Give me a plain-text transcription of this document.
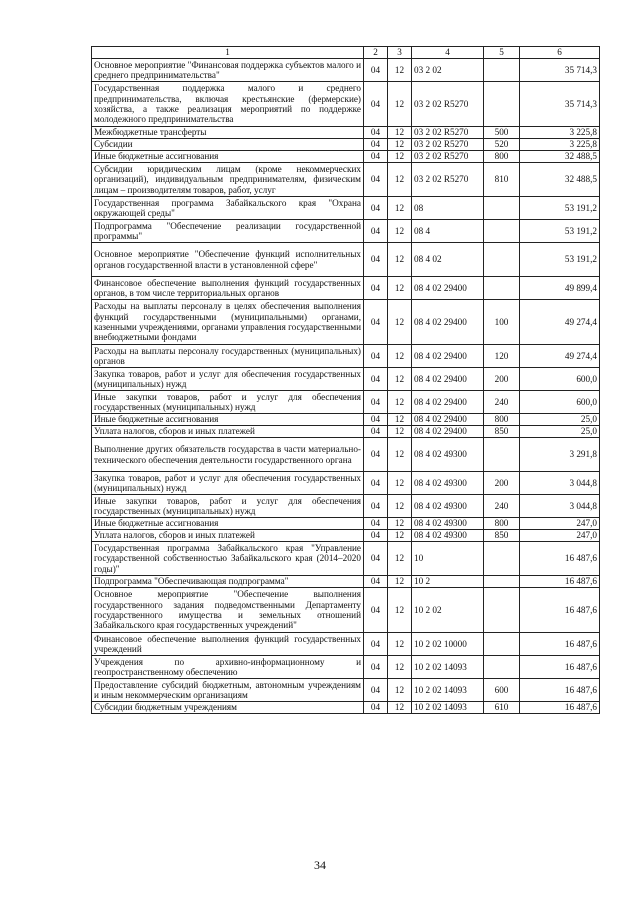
1	2	3	4	5	6
Основное мероприятие "Финансовая поддержка субъектов малого и среднего предпринимательства"	04	12	03 2 02		35 714,3
Государственная поддержка малого и среднего предпринимательства, включая крестьянские (фермерские) хозяйства, а также реализация мероприятий по поддержке молодежного предпринимательства	04	12	03 2 02 R5270		35 714,3
Межбюджетные трансферты	04	12	03 2 02 R5270	500	3 225,8
Субсидии	04	12	03 2 02 R5270	520	3 225,8
Иные бюджетные ассигнования	04	12	03 2 02 R5270	800	32 488,5
Субсидии юридическим лицам (кроме некоммерческих организаций), индивидуальным предпринимателям, физическим лицам – производителям товаров, работ, услуг	04	12	03 2 02 R5270	810	32 488,5
Государственная программа Забайкальского края "Охрана окружающей среды"	04	12	08		53 191,2
Подпрограмма "Обеспечение реализации государственной программы"	04	12	08 4		53 191,2
Основное мероприятие "Обеспечение функций исполнительных органов государственной власти в установленной сфере"	04	12	08 4 02		53 191,2
Финансовое обеспечение выполнения функций государственных органов, в том числе территориальных органов	04	12	08 4 02 29400		49 899,4
Расходы на выплаты персоналу в целях обеспечения выполнения функций государственными (муниципальными) органами, казенными учреждениями, органами управления государственными внебюджетными фондами	04	12	08 4 02 29400	100	49 274,4
Расходы на выплаты персоналу государственных (муниципальных) органов	04	12	08 4 02 29400	120	49 274,4
Закупка товаров, работ и услуг для обеспечения государственных (муниципальных) нужд	04	12	08 4 02 29400	200	600,0
Иные закупки товаров, работ и услуг для обеспечения государственных (муниципальных) нужд	04	12	08 4 02 29400	240	600,0
Иные бюджетные ассигнования	04	12	08 4 02 29400	800	25,0
Уплата налогов, сборов и иных платежей	04	12	08 4 02 29400	850	25,0
Выполнение других обязательств государства в части материально-технического обеспечения деятельности государственного органа	04	12	08 4 02 49300		3 291,8
Закупка товаров, работ и услуг для обеспечения государственных (муниципальных) нужд	04	12	08 4 02 49300	200	3 044,8
Иные закупки товаров, работ и услуг для обеспечения государственных (муниципальных) нужд	04	12	08 4 02 49300	240	3 044,8
Иные бюджетные ассигнования	04	12	08 4 02 49300	800	247,0
Уплата налогов, сборов и иных платежей	04	12	08 4 02 49300	850	247,0
Государственная программа Забайкальского края "Управление государственной собственностью Забайкальского края (2014–2020 годы)"	04	12	10		16 487,6
Подпрограмма "Обеспечивающая подпрограмма"	04	12	10 2		16 487,6
Основное мероприятие "Обеспечение выполнения государственного задания подведомственными Департаменту государственного имущества и земельных отношений Забайкальского края государственных учреждений"	04	12	10 2 02		16 487,6
Финансовое обеспечение выполнения функций государственных учреждений	04	12	10 2 02 10000		16 487,6
Учреждения по архивно-информационному и геопространственному обеспечению	04	12	10 2 02 14093		16 487,6
Предоставление субсидий бюджетным, автономным учреждениям и иным некоммерческим организациям	04	12	10 2 02 14093	600	16 487,6
Субсидии бюджетным учреждениям	04	12	10 2 02 14093	610	16 487,6
34
